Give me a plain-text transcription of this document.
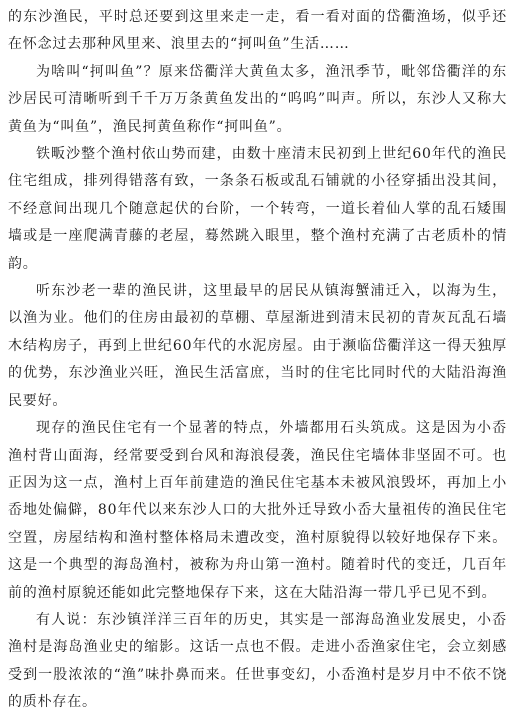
的东沙渔民，平时总还要到这里来走一走，看一看对面的岱衢渔场，似乎还在怀念过去那种风里来、浪里去的“抲叫鱼”生活……

为啥叫“抲叫鱼”？原来岱衢洋大黄鱼太多，渔汛季节，毗邻岱衢洋的东沙居民可清晰听到千千万万条黄鱼发出的“呜呜”叫声。所以，东沙人又称大黄鱼为“叫鱼”，渔民抲黄鱼称作“抲叫鱼”。

铁畈沙整个渔村依山势而建，由数十座清末民初到上世纪60年代的渔民住宅组成，排列得错落有致，一条条石板或乱石铺就的小径穿插出没其间，不经意间出现几个随意起伏的台阶，一个转弯，一道长着仙人掌的乱石矮围墙或是一座爬满青藤的老屋，蓦然跳入眼里，整个渔村充满了古老质朴的情韵。

听东沙老一辈的渔民讲，这里最早的居民从镇海蟹浦迁入，以海为生，以渔为业。他们的住房由最初的草棚、草屋渐进到清末民初的青灰瓦乱石墙木结构房子，再到上世纪60年代的水泥房屋。由于濒临岱衢洋这一得天独厚的优势，东沙渔业兴旺，渔民生活富庶，当时的住宅比同时代的大陆沿海渔民要好。

现存的渔民住宅有一个显著的特点，外墙都用石头筑成。这是因为小岙渔村背山面海，经常要受到台风和海浪侵袭，渔民住宅墙体非坚固不可。也正因为这一点，渔村上百年前建造的渔民住宅基本未被风浪毁坏，再加上小岙地处偏僻，80年代以来东沙人口的大批外迁导致小岙大量祖传的渔民住宅空置，房屋结构和渔村整体格局未遭改变，渔村原貌得以较好地保存下来。这是一个典型的海岛渔村，被称为舟山第一渔村。随着时代的变迁，几百年前的渔村原貌还能如此完整地保存下来，这在大陆沿海一带几乎已见不到。

有人说：东沙镇洋洋三百年的历史，其实是一部海岛渔业发展史，小岙渔村是海岛渔业史的缩影。这话一点也不假。走进小岙渔家住宅，会立刻感受到一股浓浓的“渔”味扑鼻而来。任世事变幻，小岙渔村是岁月中不依不饶的质朴存在。
